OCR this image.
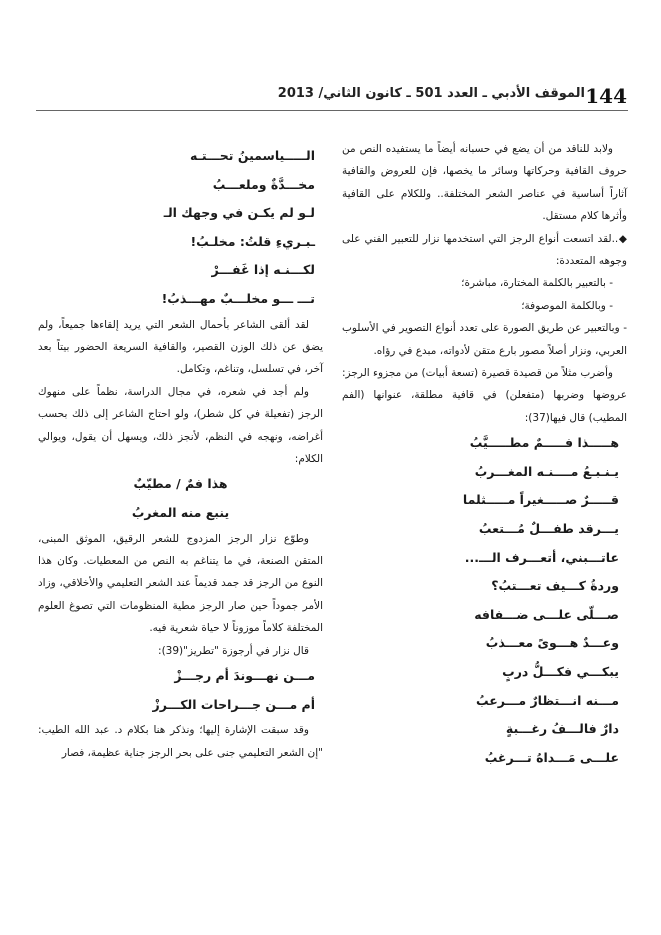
144
الموقف الأدبي ـ العدد 501 ـ كانون الثاني/ 2013

ولابد للناقد من أن يضع في حسبانه أيضاً ما يستفيده النص من حروف القافية وحركاتها وسائر ما يخصها، فإن للعروض والقافية آثاراً أساسية في عناصر الشعر المختلفة.. وللكلام على القافية وأثرها كلام مستقل.

◆..لقد اتسعت أنواع الرجز التي استخدمها نزار للتعبير الفني على وجوهه المتعددة:

- بالتعبير بالكلمة المختارة، مباشرة؛

- وبالكلمة الموصوفة؛

- وبالتعبير عن طريق الصورة على تعدد أنواع التصوير في الأسلوب العربي، ونزار أصلاً مصور بارع متقن لأدواته، مبدع في رؤاه.

وأضرب مثلاً من قصيدة قصيرة (تسعة أبيات) من مجزوء الرجز: عروضها وضربها (متفعلن) في قافية مطلقة، عنوانها (الفم المطيب) قال فيها(37):

هـــــذا فـــــمٌ مطـــــيَّبُ
يـنـبـعُ مــــنـه المغـــربُ
قـــــرٌ صـــــغيراً مـــــثلما
يـــرقد طفـــلٌ مُـــتعبُ
عاتـــبني، أتعـــرف الـــ...
وردةُ كـــيف تعـــتبُ؟
صـــلّى علـــى ضـــفافه
وعـــدٌ هـــوىً معـــذبُ
يبكـــي فكـــلُّ دربٍ
مـــنه انـــتظارٌ مـــرعبُ
دارٌ فالـــفُ رغـــبةٍ
علـــى مَـــداهُ تـــرغبُ
الـــــياسمينُ تحـــتـه
مخـــدَّةٌ وملعـــبُ
لـو لم يكـن في وجهك الـ
ـبـريءِ قلتُ: مخلـبُ!
لكـــنـه إذا غَفـــرْ
تـــ ـــو مخلـــبٌ مهـــذبُ!

لقد ألقى الشاعر بأحمال الشعر التي يريد إلقاءها جميعاً، ولم يضق عن ذلك الوزن القصير، والقافية السريعة الحضور بيتاً بعد آخر، في تسلسل، وتناغم، وتكامل.

ولم أجد في شعره، في مجال الدراسة، نظماً على منهوك الرجز (تفعيلة في كل شطر)، ولو احتاج الشاعر إلى ذلك بحسب أغراضه، ونهجه في النظم، لأنجز ذلك، ويسهل أن يقول، ويوالي الكلام:

هذا فمٌ / مطيّبٌ
ينبع منه المغربُ

وطوّع نزار الرجز المزدوج للشعر الرقيق، الموثق المبنى، المتقن الصنعة، في ما يتناغم به النص من المعطيات. وكان هذا النوع من الرجز قد جمد قديماً عند الشعر التعليمي والأخلاقي، وزاد الأمر جموداً حين صار الرجز مطية المنظومات التي تصوغ العلوم المختلفة كلاماً موزوناً لا حياة شعرية فيه.

قال نزار في أرجوزة "تطريز"(39):

مـــن نهـــوندَ أم رجـــزْ
أم مـــن جـــراحات الكـــرزْ

وقد سبقت الإشارة إليها؛ ونذكر هنا بكلام د. عبد الله الطيب: "إن الشعر التعليمي جنى على بحر الرجز جناية عظيمة، فصار
